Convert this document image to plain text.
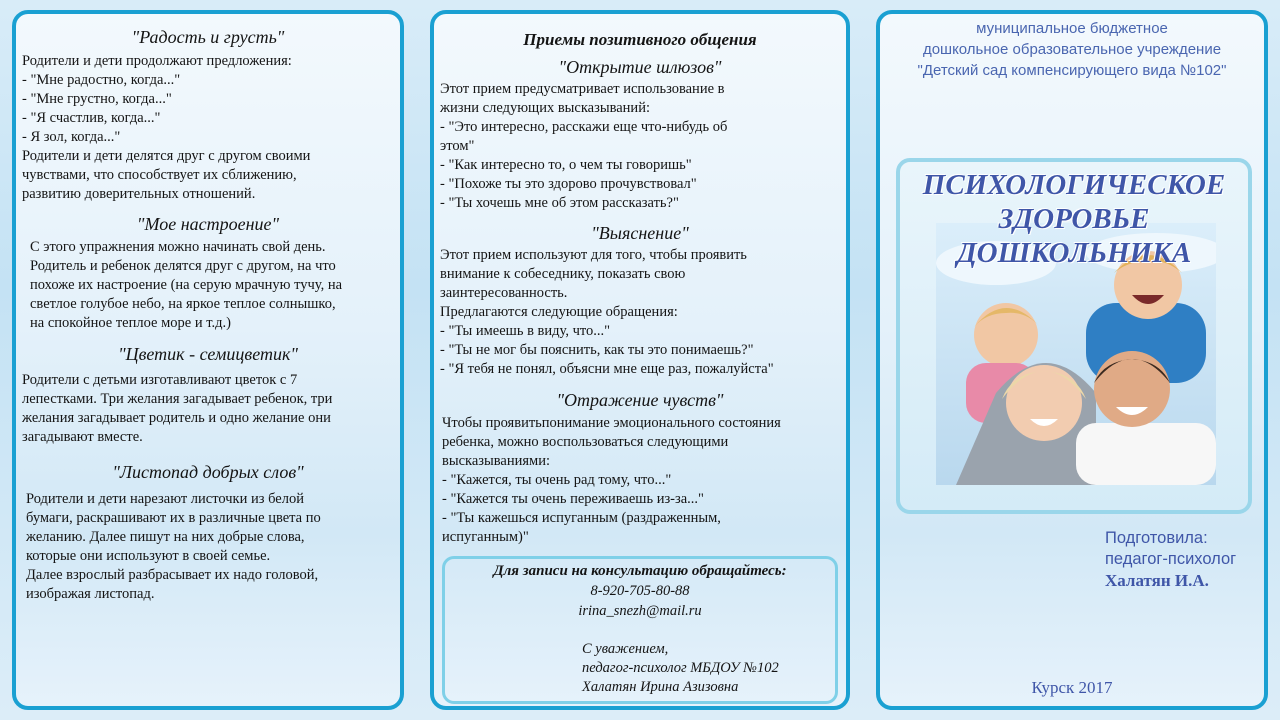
"Радость и грусть"
Родители и дети продолжают предложения:
- "Мне радостно, когда..."
- "Мне грустно, когда..."
- "Я счастлив, когда..."
- Я зол, когда..."
Родители и дети делятся друг с другом своими
чувствами, что способствует их сближению,
развитию доверительных отношений.
"Мое настроение"
С этого упражнения можно начинать свой день.
Родитель и ребенок делятся друг с другом, на что
похоже их настроение (на серую мрачную тучу, на
светлое голубое небо, на яркое теплое солнышко,
на спокойное теплое море и т.д.)
"Цветик - семицветик"
Родители с детьми изготавливают цветок с 7
лепестками. Три желания загадывает ребенок, три
желания загадывает родитель и одно желание они
загадывают вместе.
"Листопад добрых слов"
Родители и дети нарезают листочки из белой
бумаги, раскрашивают их в различные цвета по
желанию. Далее пишут на них добрые слова,
которые они используют в своей семье.
Далее взрослый разбрасывает их надо головой,
изображая листопад.
Приемы позитивного общения
"Открытие шлюзов"
Этот прием предусматривает использование в
жизни следующих высказываний:
- "Это интересно, расскажи еще что-нибудь об
этом"
- "Как интересно то, о чем ты говоришь"
- "Похоже ты это здорово прочувствовал"
- "Ты хочешь мне об этом рассказать?"
"Выяснение"
Этот прием используют для того, чтобы проявить
внимание к собеседнику, показать свою
заинтересованность.
Предлагаются следующие обращения:
- "Ты имеешь в виду, что..."
- "Ты не мог бы пояснить, как ты это понимаешь?"
- "Я тебя не понял, объясни мне еще раз, пожалуйста"
"Отражение чувств"
Чтобы проявитьпонимание эмоционального состояния
ребенка, можно воспользоваться следующими
высказываниями:
- "Кажется, ты очень рад тому, что..."
- "Кажется ты очень переживаешь из-за..."
- "Ты кажешься испуганным (раздраженным,
испуганным)"
Для записи на консультацию обращайтесь:
8-920-705-80-88
irina_snezh@mail.ru
С уважением,
педагог-психолог МБДОУ №102
Халатян Ирина Азизовна
муниципальное бюджетное
дошкольное образовательное учреждение
"Детский сад компенсирующего вида №102"
ПСИХОЛОГИЧЕСКОЕ
ЗДОРОВЬЕ
ДОШКОЛЬНИКА
Подготовила:
педагог-психолог
Халатян И.А.
Курск 2017
